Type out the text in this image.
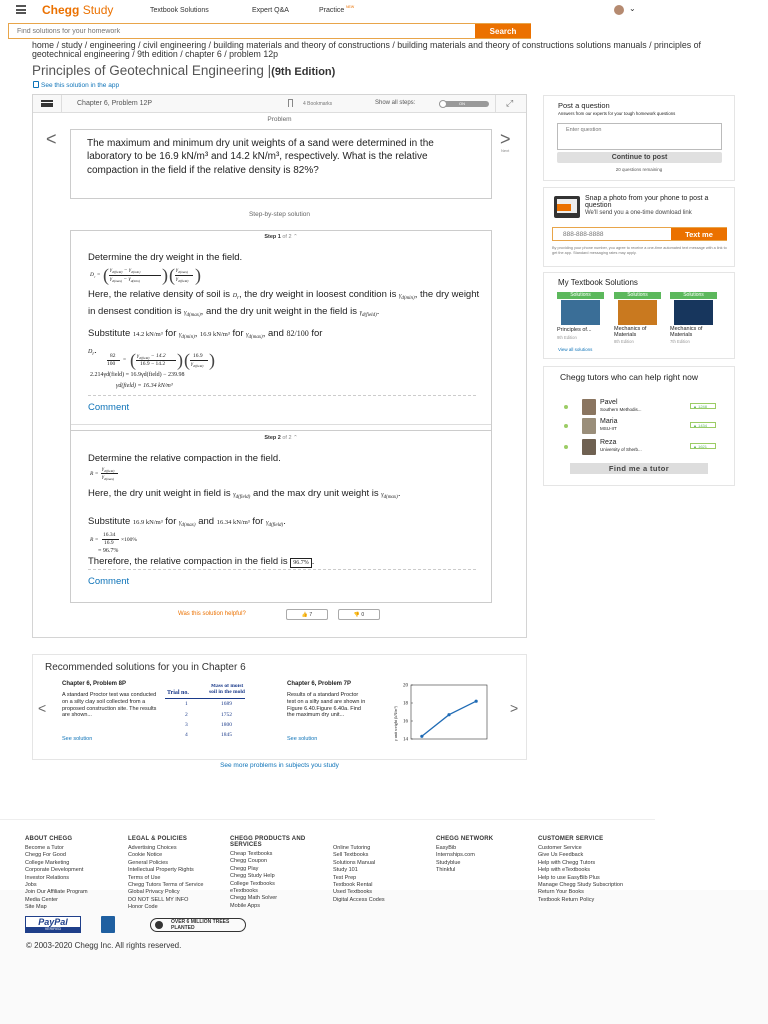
Chegg Study	Textbook Solutions	Expert Q&A	Practice NEW	⌄
Find solutions for your homework
Search
home / study / engineering / civil engineering / building materials and theory of constructions / building materials and theory of constructions solutions manuals / principles of geotechnical engineering / 9th edition / chapter 6 / problem 12p
Principles of Geotechnical Engineering |(9th Edition)
See this solution in the app
Chapter 6, Problem 12P	4 Bookmarks	Show all steps:	ON	⤢
Problem
<	>
Next
The maximum and minimum dry unit weights of a sand were determined in the laboratory to be 16.9 kN/m³ and 14.2 kN/m³, respectively. What is the relative compaction in the field if the relative density is 82%?
Step-by-step solution
Step 1 of 2 ⌃
Determine the dry weight in the field.
$D_r$ = ( $\gamma_{d(field)} - \gamma_{d(min)}$
$\gamma_{d(max)} - \gamma_{d(min)}$ ) ( $\gamma_{d(max)}$
$\gamma_{d(field)}$ )
Here, the relative density of soil is $D_r$, the dry weight in loosest condition is $\gamma_{d(min)}$, the dry weight in densest condition is $\gamma_{d(max)}$, and the dry unit weight in the field is $\gamma_{d(field)}$.
Substitute 14.2 kN/m³ for $\gamma_{d(min)}$, 16.9 kN/m³ for $\gamma_{d(max)}$, and 82/100 for
$D_r$.	82
100
= ( $\gamma_{d(field)} - 14.2$
16.9 − 14.2 ) ( 16.9
$\gamma_{d(field)}$ )
2.214γd(field) = 16.9γd(field) − 239.98
γd(field) = 16.34 kN/m³
Comment
Step 2 of 2 ⌃
Determine the relative compaction in the field.
R =
$\gamma_{d(field)}$
$\gamma_{d(max)}$
Here, the dry unit weight in field is $\gamma_{d(field)}$ and the max dry unit weight is $\gamma_{d(max)}$.
Substitute 16.9 kN/m³ for $\gamma_{d(max)}$ and 16.34 kN/m³ for $\gamma_{d(field)}$.
R =
16.34
16.9 ×100%
= 96.7%
Therefore, the relative compaction in the field is 96.7% .
Comment
Was this solution helpful?	👍
7	👎
0
Post a question
Answers from our experts for your tough homework questions
Enter question
Continue to post
20 questions remaining
Snap a photo from your phone to post a question
We'll send you a one-time download link
888-888-8888
Text me
By providing your phone number, you agree to receive a one-time automated text message with a link to get the app. Standard messaging rates may apply.
My Textbook Solutions
Solutions
Principles of...
9th Edition
Solutions
Mechanics of Materials
8th Edition
Solutions
Mechanics of Materials
7th Edition
View all solutions
Chegg tutors who can help right now
Pavel
Southern Methodis...
▲ 1248
Maria
MSU-IIT
▲ 1434
Reza
University of Sherb...
▲ 1621
Find me a tutor
Recommended solutions for you in Chapter 6
<	>
Chapter 6, Problem 8P
A standard Proctor test was conducted on a silty clay soil collected from a proposed construction site. The results are shown...
See solution
Trial no.
Mass of moist soil in the mold
1	1689
2	1752
3	1800
4	1845
Chapter 6, Problem 7P
Results of a standard Proctor test on a silty sand are shown in Figure 6.40.Figure 6.40a. Find the maximum dry unit...
See solution	γ unit weight (kN/m³)
20
18
16
14
See more problems in subjects you study
ABOUT CHEGG
Become a Tutor
Chegg For Good
College Marketing
Corporate Development
Investor Relations
Jobs
Join Our Affiliate Program
Media Center
Site Map
LEGAL & POLICIES
Advertising Choices
Cookie Notice
General Policies
Intellectual Property Rights
Terms of Use
Chegg Tutors Terms of Service
Global Privacy Policy
DO NOT SELL MY INFO
Honor Code
CHEGG PRODUCTS AND SERVICES
Cheap Textbooks
Chegg Coupon
Chegg Play
Chegg Study Help
College Textbooks
eTextbooks
Chegg Math Solver
Mobile Apps

Online Tutoring
Sell Textbooks
Solutions Manual
Study 101
Test Prep
Textbook Rental
Used Textbooks
Digital Access Codes
CHEGG NETWORK
EasyBib
Internships.com
Studyblue
Thinkful
CUSTOMER SERVICE
Customer Service
Give Us Feedback
Help with Chegg Tutors
Help with eTextbooks
Help to use EasyBib Plus
Manage Chegg Study Subscription
Return Your Books
Textbook Return Policy
PayPal
VERIFIED
OVER 6 MILLION TREES PLANTED
© 2003-2020 Chegg Inc. All rights reserved.
